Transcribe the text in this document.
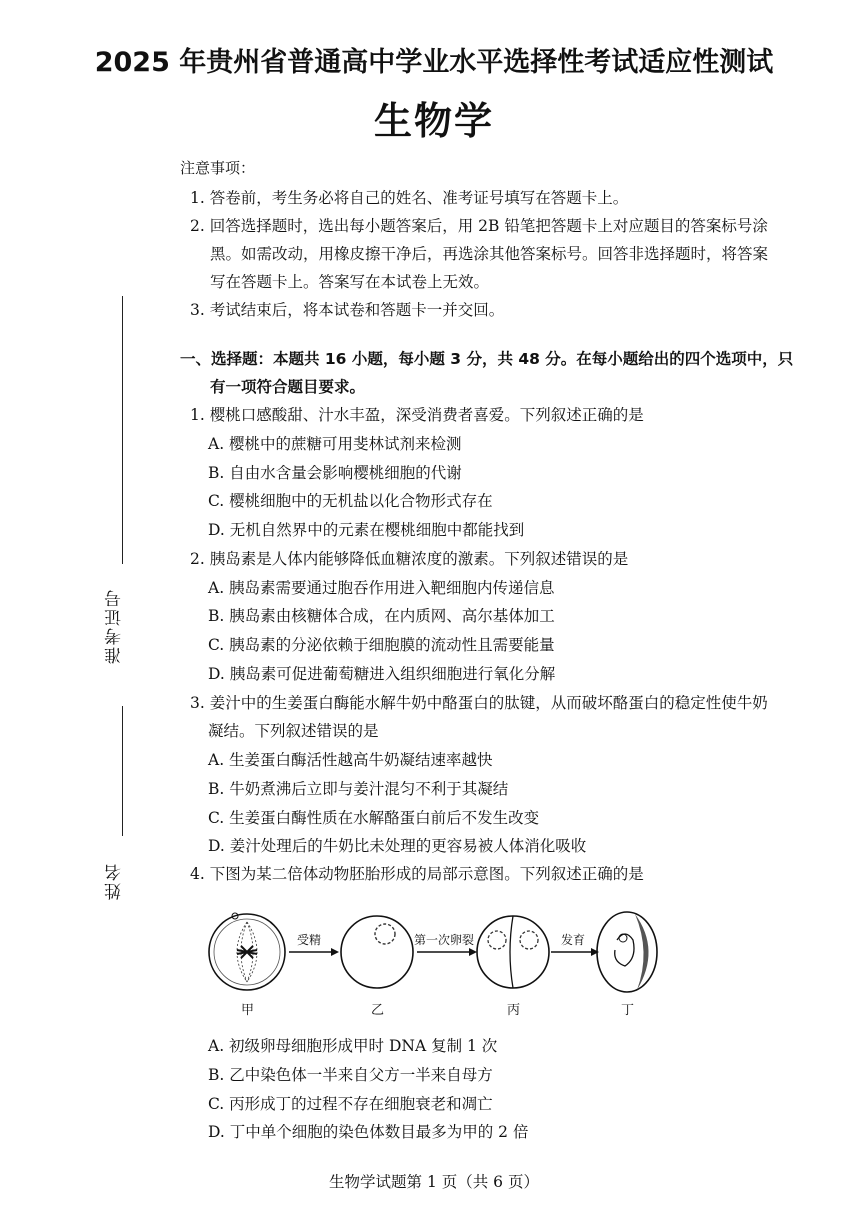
2025 年贵州省普通高中学业水平选择性考试适应性测试
生物学
准考证号
姓名
注意事项：
1. 答卷前，考生务必将自己的姓名、准考证号填写在答题卡上。
2. 回答选择题时，选出每小题答案后，用 2B 铅笔把答题卡上对应题目的答案标号涂
黑。如需改动，用橡皮擦干净后，再选涂其他答案标号。回答非选择题时，将答案
写在答题卡上。答案写在本试卷上无效。
3. 考试结束后，将本试卷和答题卡一并交回。
一、选择题：本题共 16 小题，每小题 3 分，共 48 分。在每小题给出的四个选项中，只
有一项符合题目要求。
1. 樱桃口感酸甜、汁水丰盈，深受消费者喜爱。下列叙述正确的是
A. 樱桃中的蔗糖可用斐林试剂来检测
B. 自由水含量会影响樱桃细胞的代谢
C. 樱桃细胞中的无机盐以化合物形式存在
D. 无机自然界中的元素在樱桃细胞中都能找到
2. 胰岛素是人体内能够降低血糖浓度的激素。下列叙述错误的是
A. 胰岛素需要通过胞吞作用进入靶细胞内传递信息
B. 胰岛素由核糖体合成，在内质网、高尔基体加工
C. 胰岛素的分泌依赖于细胞膜的流动性且需要能量
D. 胰岛素可促进葡萄糖进入组织细胞进行氧化分解
3. 姜汁中的生姜蛋白酶能水解牛奶中酪蛋白的肽键，从而破坏酪蛋白的稳定性使牛奶
凝结。下列叙述错误的是
A. 生姜蛋白酶活性越高牛奶凝结速率越快
B. 牛奶煮沸后立即与姜汁混匀不利于其凝结
C. 生姜蛋白酶性质在水解酪蛋白前后不发生改变
D. 姜汁处理后的牛奶比未处理的更容易被人体消化吸收
4. 下图为某二倍体动物胚胎形成的局部示意图。下列叙述正确的是
甲	乙	丙	丁
受精	第一次卵裂	发育
A. 初级卵母细胞形成甲时 DNA 复制 1 次
B. 乙中染色体一半来自父方一半来自母方
C. 丙形成丁的过程不存在细胞衰老和凋亡
D. 丁中单个细胞的染色体数目最多为甲的 2 倍
生物学试题第 1 页（共 6 页）
